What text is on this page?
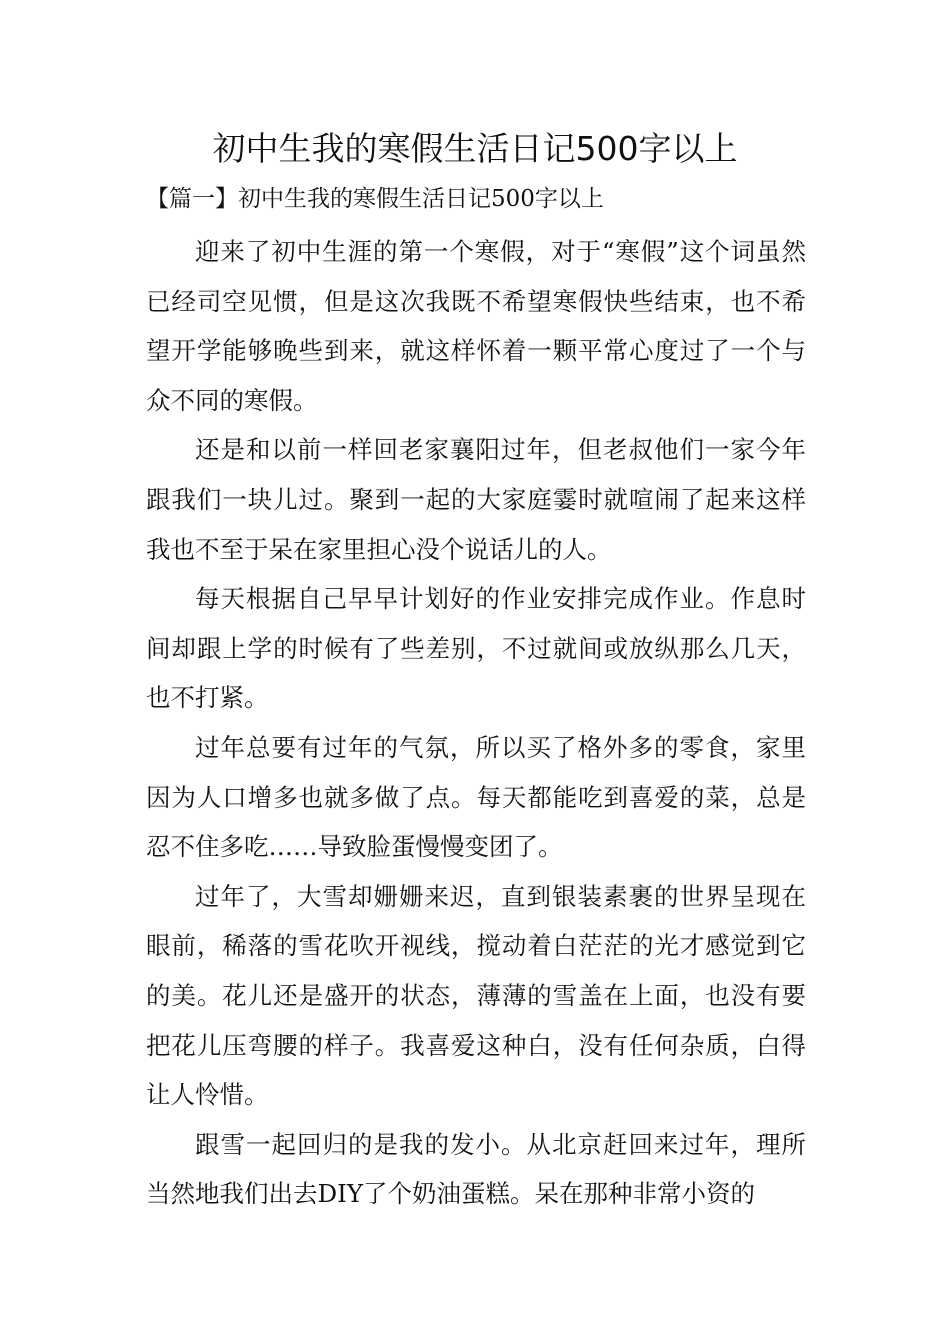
初中生我的寒假生活日记500字以上

【篇一】初中生我的寒假生活日记500字以上

迎来了初中生涯的第一个寒假，对于“寒假”这个词虽然已经司空见惯，但是这次我既不希望寒假快些结束，也不希望开学能够晚些到来，就这样怀着一颗平常心度过了一个与众不同的寒假。

还是和以前一样回老家襄阳过年，但老叔他们一家今年跟我们一块儿过。聚到一起的大家庭霎时就喧闹了起来这样我也不至于呆在家里担心没个说话儿的人。

每天根据自己早早计划好的作业安排完成作业。作息时间却跟上学的时候有了些差别，不过就间或放纵那么几天，也不打紧。

过年总要有过年的气氛，所以买了格外多的零食，家里因为人口增多也就多做了点。每天都能吃到喜爱的菜，总是忍不住多吃……导致脸蛋慢慢变团了。

过年了，大雪却姗姗来迟，直到银装素裹的世界呈现在眼前，稀落的雪花吹开视线，搅动着白茫茫的光才感觉到它的美。花儿还是盛开的状态，薄薄的雪盖在上面，也没有要把花儿压弯腰的样子。我喜爱这种白，没有任何杂质，白得让人怜惜。

跟雪一起回归的是我的发小。从北京赶回来过年，理所当然地我们出去DIY了个奶油蛋糕。呆在那种非常小资的
